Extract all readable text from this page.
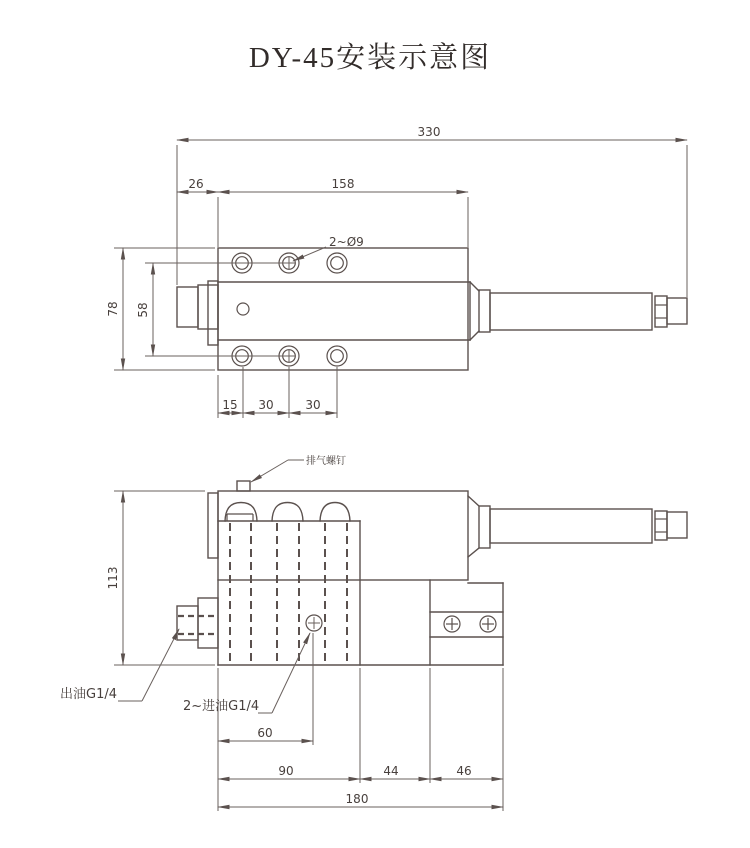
DY-45安装示意图
330
26	158
78 58
15 30	30
2~Ø9
113
60
90	44	46
180
排气螺钉
出油G1/4
2~进油G1/4
